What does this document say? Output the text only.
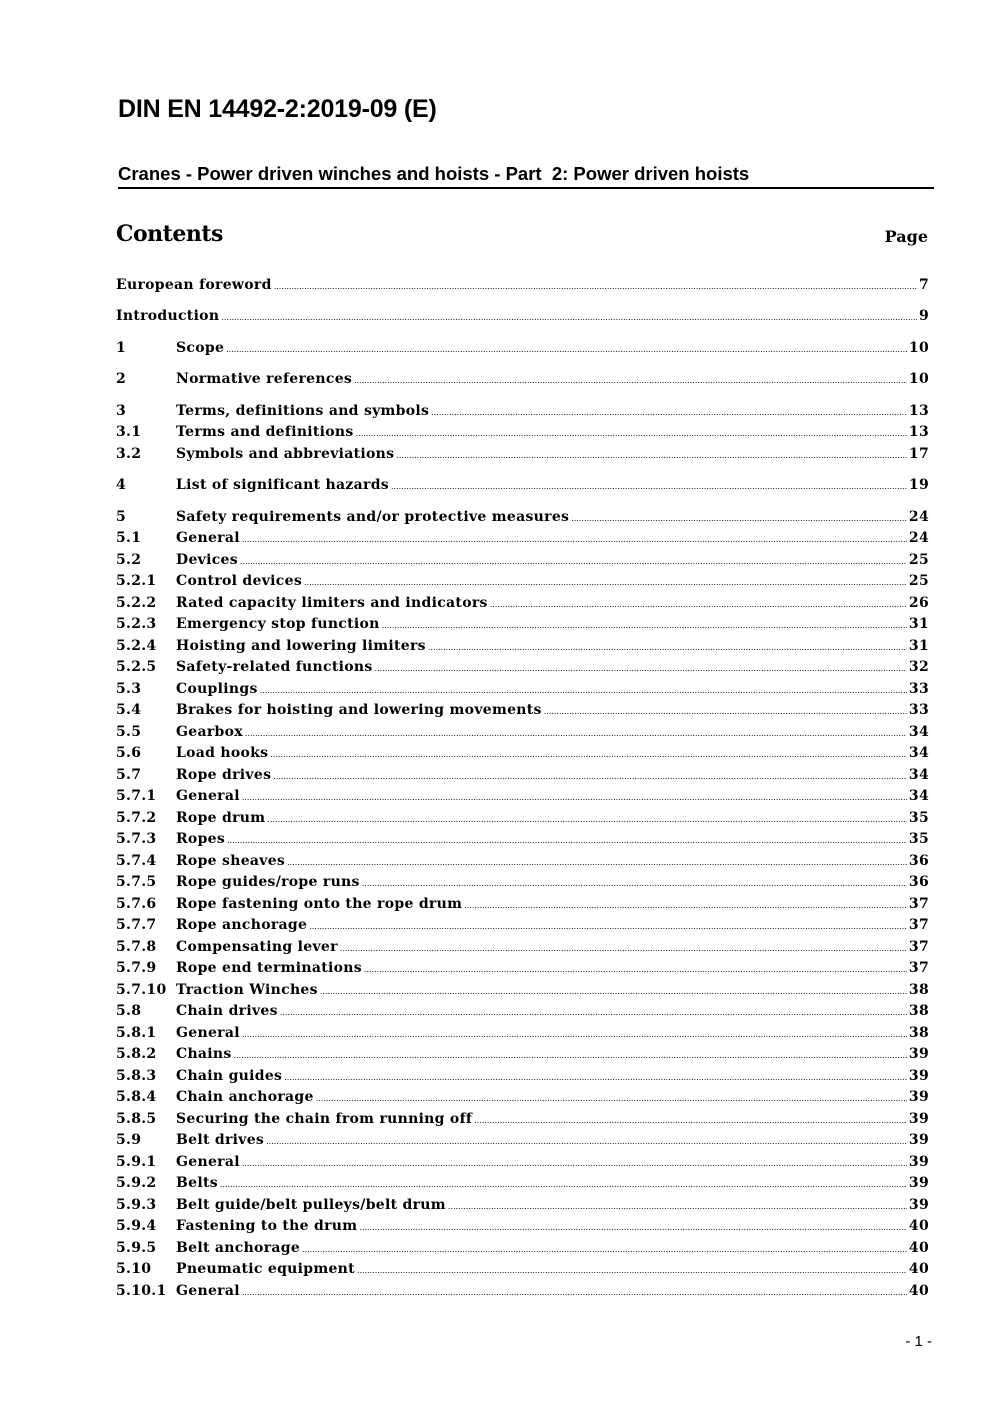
DIN EN 14492-2:2019-09 (E)
Cranes - Power driven winches and hoists - Part  2: Power driven hoists
Contents	Page
European foreword .....	7
Introduction .....	9
1	Scope .....	10
2	Normative references .....	10
3	Terms, definitions and symbols .....	13
3.1	Terms and definitions .....	13
3.2	Symbols and abbreviations .....	17
4	List of significant hazards .....	19
5	Safety requirements and/or protective measures .....	24
5.1	General .....	24
5.2	Devices .....	25
5.2.1	Control devices .....	25
5.2.2	Rated capacity limiters and indicators .....	26
5.2.3	Emergency stop function .....	31
5.2.4	Hoisting and lowering limiters .....	31
5.2.5	Safety-related functions .....	32
5.3	Couplings .....	33
5.4	Brakes for hoisting and lowering movements .....	33
5.5	Gearbox .....	34
5.6	Load hooks .....	34
5.7	Rope drives .....	34
5.7.1	General .....	34
5.7.2	Rope drum .....	35
5.7.3	Ropes .....	35
5.7.4	Rope sheaves .....	36
5.7.5	Rope guides/rope runs .....	36
5.7.6	Rope fastening onto the rope drum .....	37
5.7.7	Rope anchorage .....	37
5.7.8	Compensating lever .....	37
5.7.9	Rope end terminations .....	37
5.7.10 Traction Winches .....	38
5.8	Chain drives .....	38
5.8.1	General .....	38
5.8.2	Chains .....	39
5.8.3	Chain guides .....	39
5.8.4	Chain anchorage .....	39
5.8.5	Securing the chain from running off .....	39
5.9	Belt drives .....	39
5.9.1	General .....	39
5.9.2	Belts .....	39
5.9.3	Belt guide/belt pulleys/belt drum .....	39
5.9.4	Fastening to the drum .....	40
5.9.5	Belt anchorage .....	40
5.10	Pneumatic equipment .....	40
5.10.1 General .....	40
- 1 -
